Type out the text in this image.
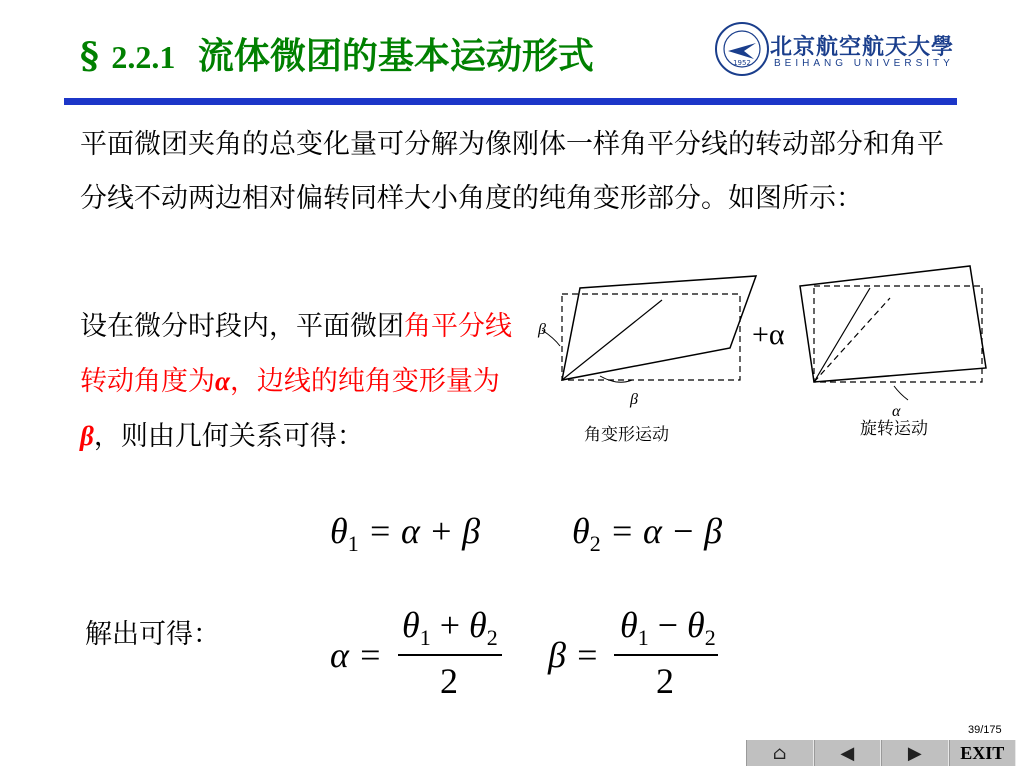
§ 2.2.1 流体微团的基本运动形式	1952
北京航空航天大學
BEIHANG UNIVERSITY
平面微团夹角的总变化量可分解为像刚体一样角平分线的转动部分和角平分线不动两边相对偏转同样大小角度的纯角变形部分。如图所示：
设在微分时段内，平面微团角平分线转动角度为α，边线的纯角变形量为β，则由几何关系可得：
β
β
+α
α
角变形运动	旋转运动
$\theta_1 = \alpha + \beta$	$\theta_2 = \alpha - \beta$
解出可得：
α =
$\theta_1 + \theta_2$
2
β =
$\theta_1 - \theta_2$
2
39/175
⌂	◀	▶	EXIT
